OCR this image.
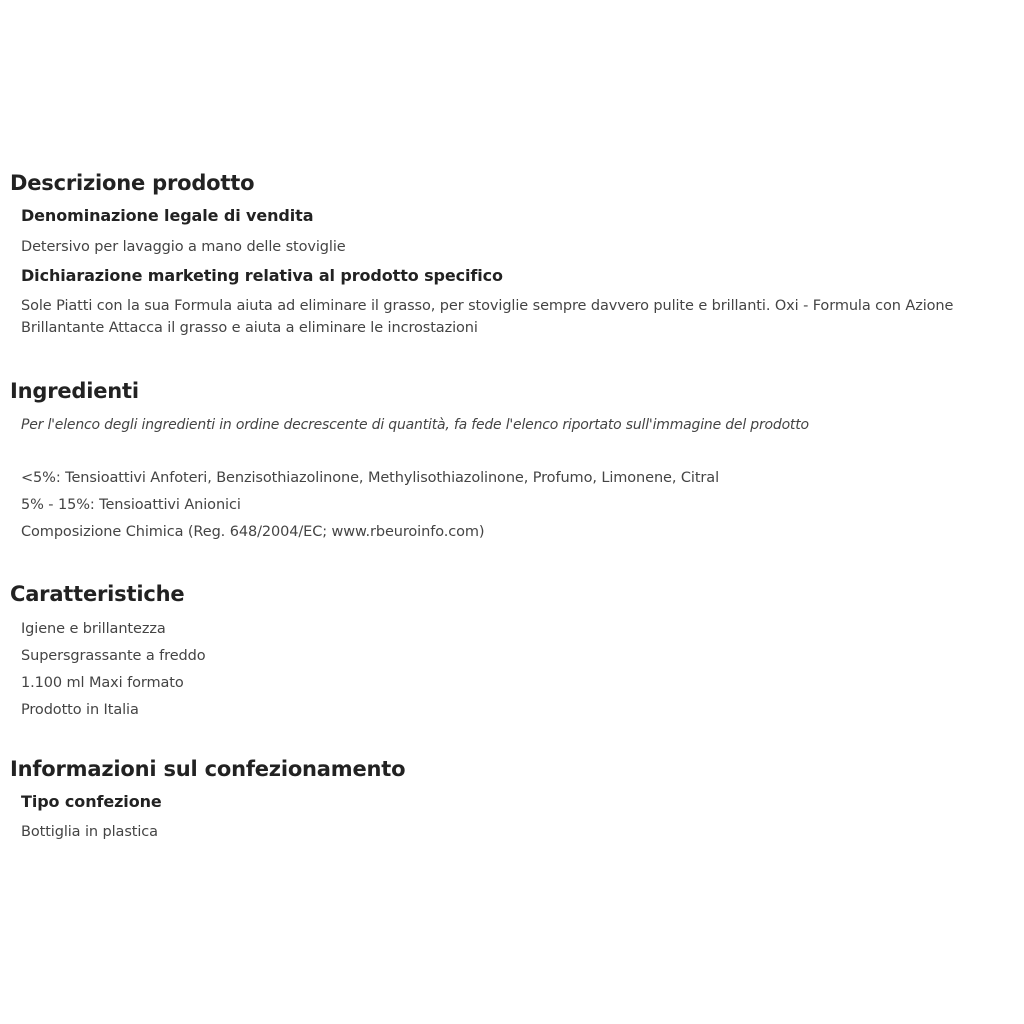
Descrizione prodotto
Denominazione legale di vendita

Detersivo per lavaggio a mano delle stoviglie

Dichiarazione marketing relativa al prodotto specifico

Sole Piatti con la sua Formula aiuta ad eliminare il grasso, per stoviglie sempre davvero pulite e brillanti. Oxi - Formula con Azione

Brillantante Attacca il grasso e aiuta a eliminare le incrostazioni

Ingredienti

Per l'elenco degli ingredienti in ordine decrescente di quantità, fa fede l'elenco riportato sull'immagine del prodotto

<5%: Tensioattivi Anfoteri, Benzisothiazolinone, Methylisothiazolinone, Profumo, Limonene, Citral

5% - 15%: Tensioattivi Anionici

Composizione Chimica (Reg. 648/2004/EC; www.rbeuroinfo.com)

Caratteristiche

Igiene e brillantezza

Supersgrassante a freddo

1.100 ml Maxi formato

Prodotto in Italia

Informazioni sul confezionamento
Tipo confezione

Bottiglia in plastica
